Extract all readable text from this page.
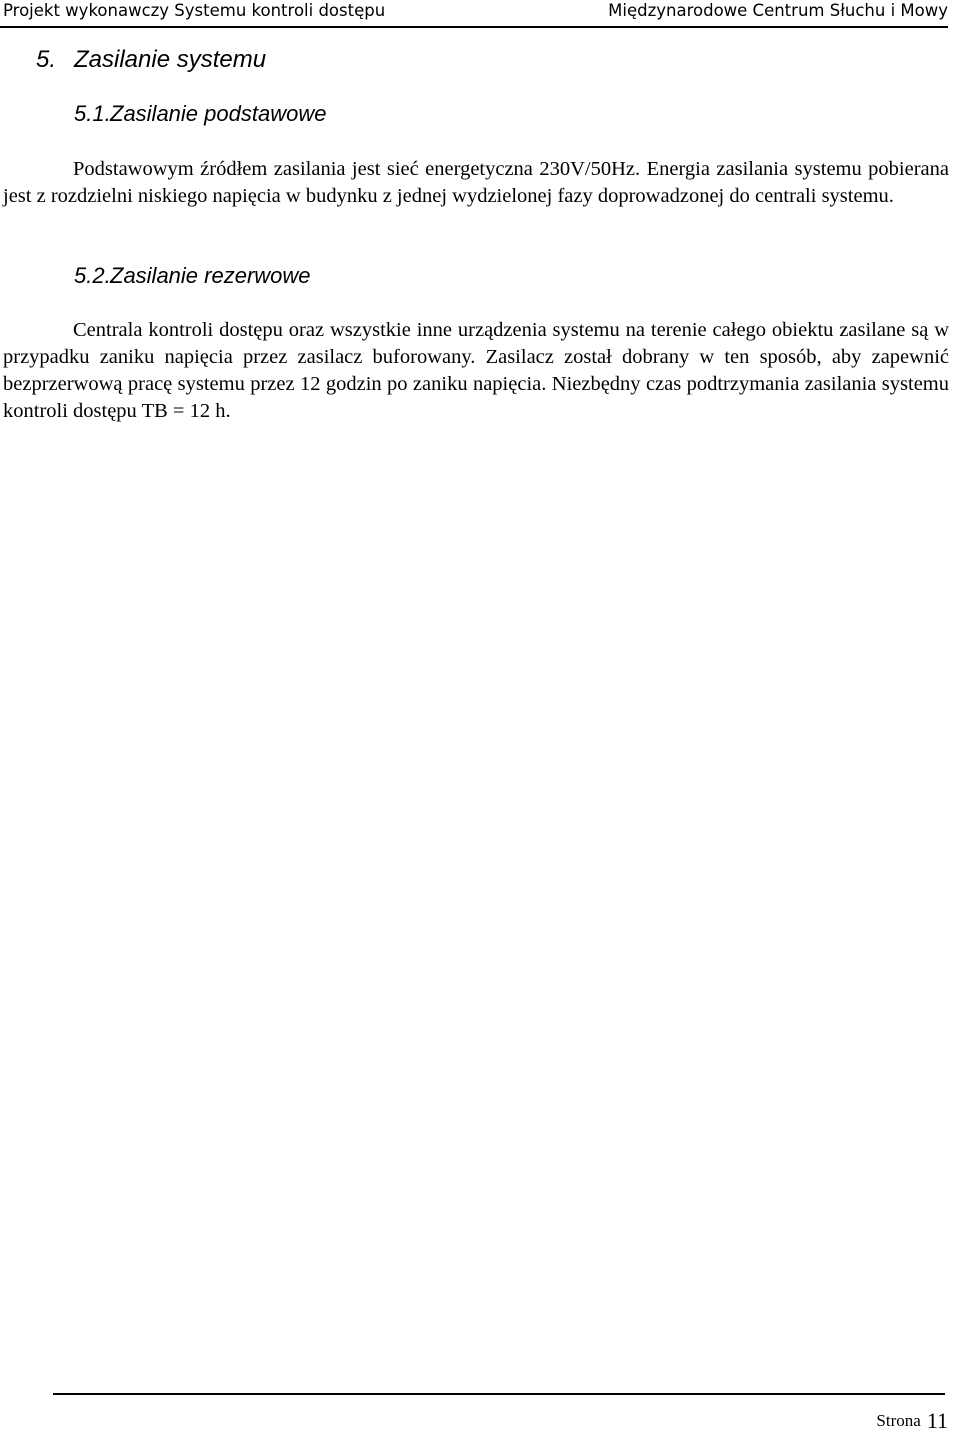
Projekt wykonawczy Systemu kontroli dostępu	Międzynarodowe Centrum Słuchu i Mowy
5. Zasilanie systemu
5.1.Zasilanie podstawowe

Podstawowym źródłem zasilania jest sieć energetyczna 230V/50Hz. Energia zasilania systemu pobierana jest z rozdzielni niskiego napięcia w budynku z jednej wydzielonej fazy doprowadzonej do centrali systemu.

5.2.Zasilanie rezerwowe

Centrala kontroli dostępu oraz wszystkie inne urządzenia systemu na terenie całego obiektu zasilane są w przypadku zaniku napięcia przez zasilacz buforowany. Zasilacz został dobrany w ten sposób, aby zapewnić bezprzerwową pracę systemu przez 12 godzin po zaniku napięcia. Niezbędny czas podtrzymania zasilania systemu kontroli dostępu TB = 12 h.

Strona 11
